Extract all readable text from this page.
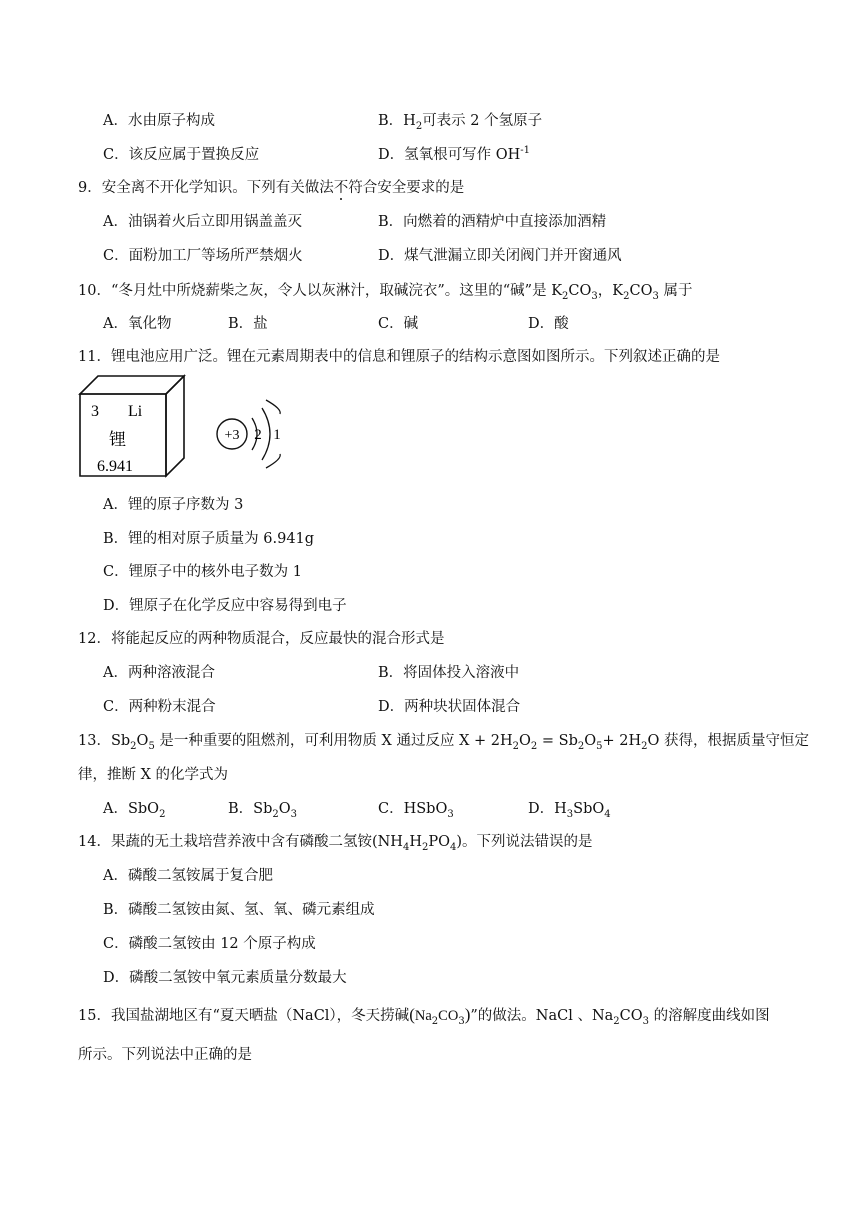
A．水由原子构成	B．$H_2$可表示 2 个氢原子
C．该反应属于置换反应	D．氢氧根可写作 $OH^{-1}$
9．安全离不开化学知识。下列有关做法不符合安全要求的是
A．油锅着火后立即用锅盖盖灭	B．向燃着的酒精炉中直接添加酒精
C．面粉加工厂等场所严禁烟火	D．煤气泄漏立即关闭阀门并开窗通风
10．“冬月灶中所烧薪柴之灰，令人以灰淋汁，取碱浣衣”。这里的“碱”是 $K_2CO_3$，$K_2CO_3$ 属于
A．氧化物	B．盐	C．碱	D．酸
11．锂电池应用广泛。锂在元素周期表中的信息和锂原子的结构示意图如图所示。下列叙述正确的是
3 Li
锂
6.941
+3 2 1
A．锂的原子序数为 3
B．锂的相对原子质量为 6.941g
C．锂原子中的核外电子数为 1
D．锂原子在化学反应中容易得到电子
12．将能起反应的两种物质混合，反应最快的混合形式是
A．两种溶液混合	B．将固体投入溶液中
C．两种粉末混合	D．两种块状固体混合
13．$Sb_2O_5$ 是一种重要的阻燃剂，可利用物质 X 通过反应 $X + 2H_2O_2 = Sb_2O_5+ 2H_2O$ 获得，根据质量守恒定
律，推断 X 的化学式为
A．SbO$_2$	B．$Sb_2O_3$	C．HSbO$_3$	D．$H_3SbO_4$
14．果蔬的无土栽培营养液中含有磷酸二氢铵$(NH_4H_2PO_4)$。下列说法错误的是
A．磷酸二氢铵属于复合肥
B．磷酸二氢铵由氮、氢、氧、磷元素组成
C．磷酸二氢铵由 12 个原子构成
D．磷酸二氢铵中氧元素质量分数最大
15．我国盐湖地区有“夏天晒盐（NaCl），冬天捞碱$(Na_2CO_3)$”的做法。NaCl 、$Na_2CO_3$ 的溶解度曲线如图
所示。下列说法中正确的是
